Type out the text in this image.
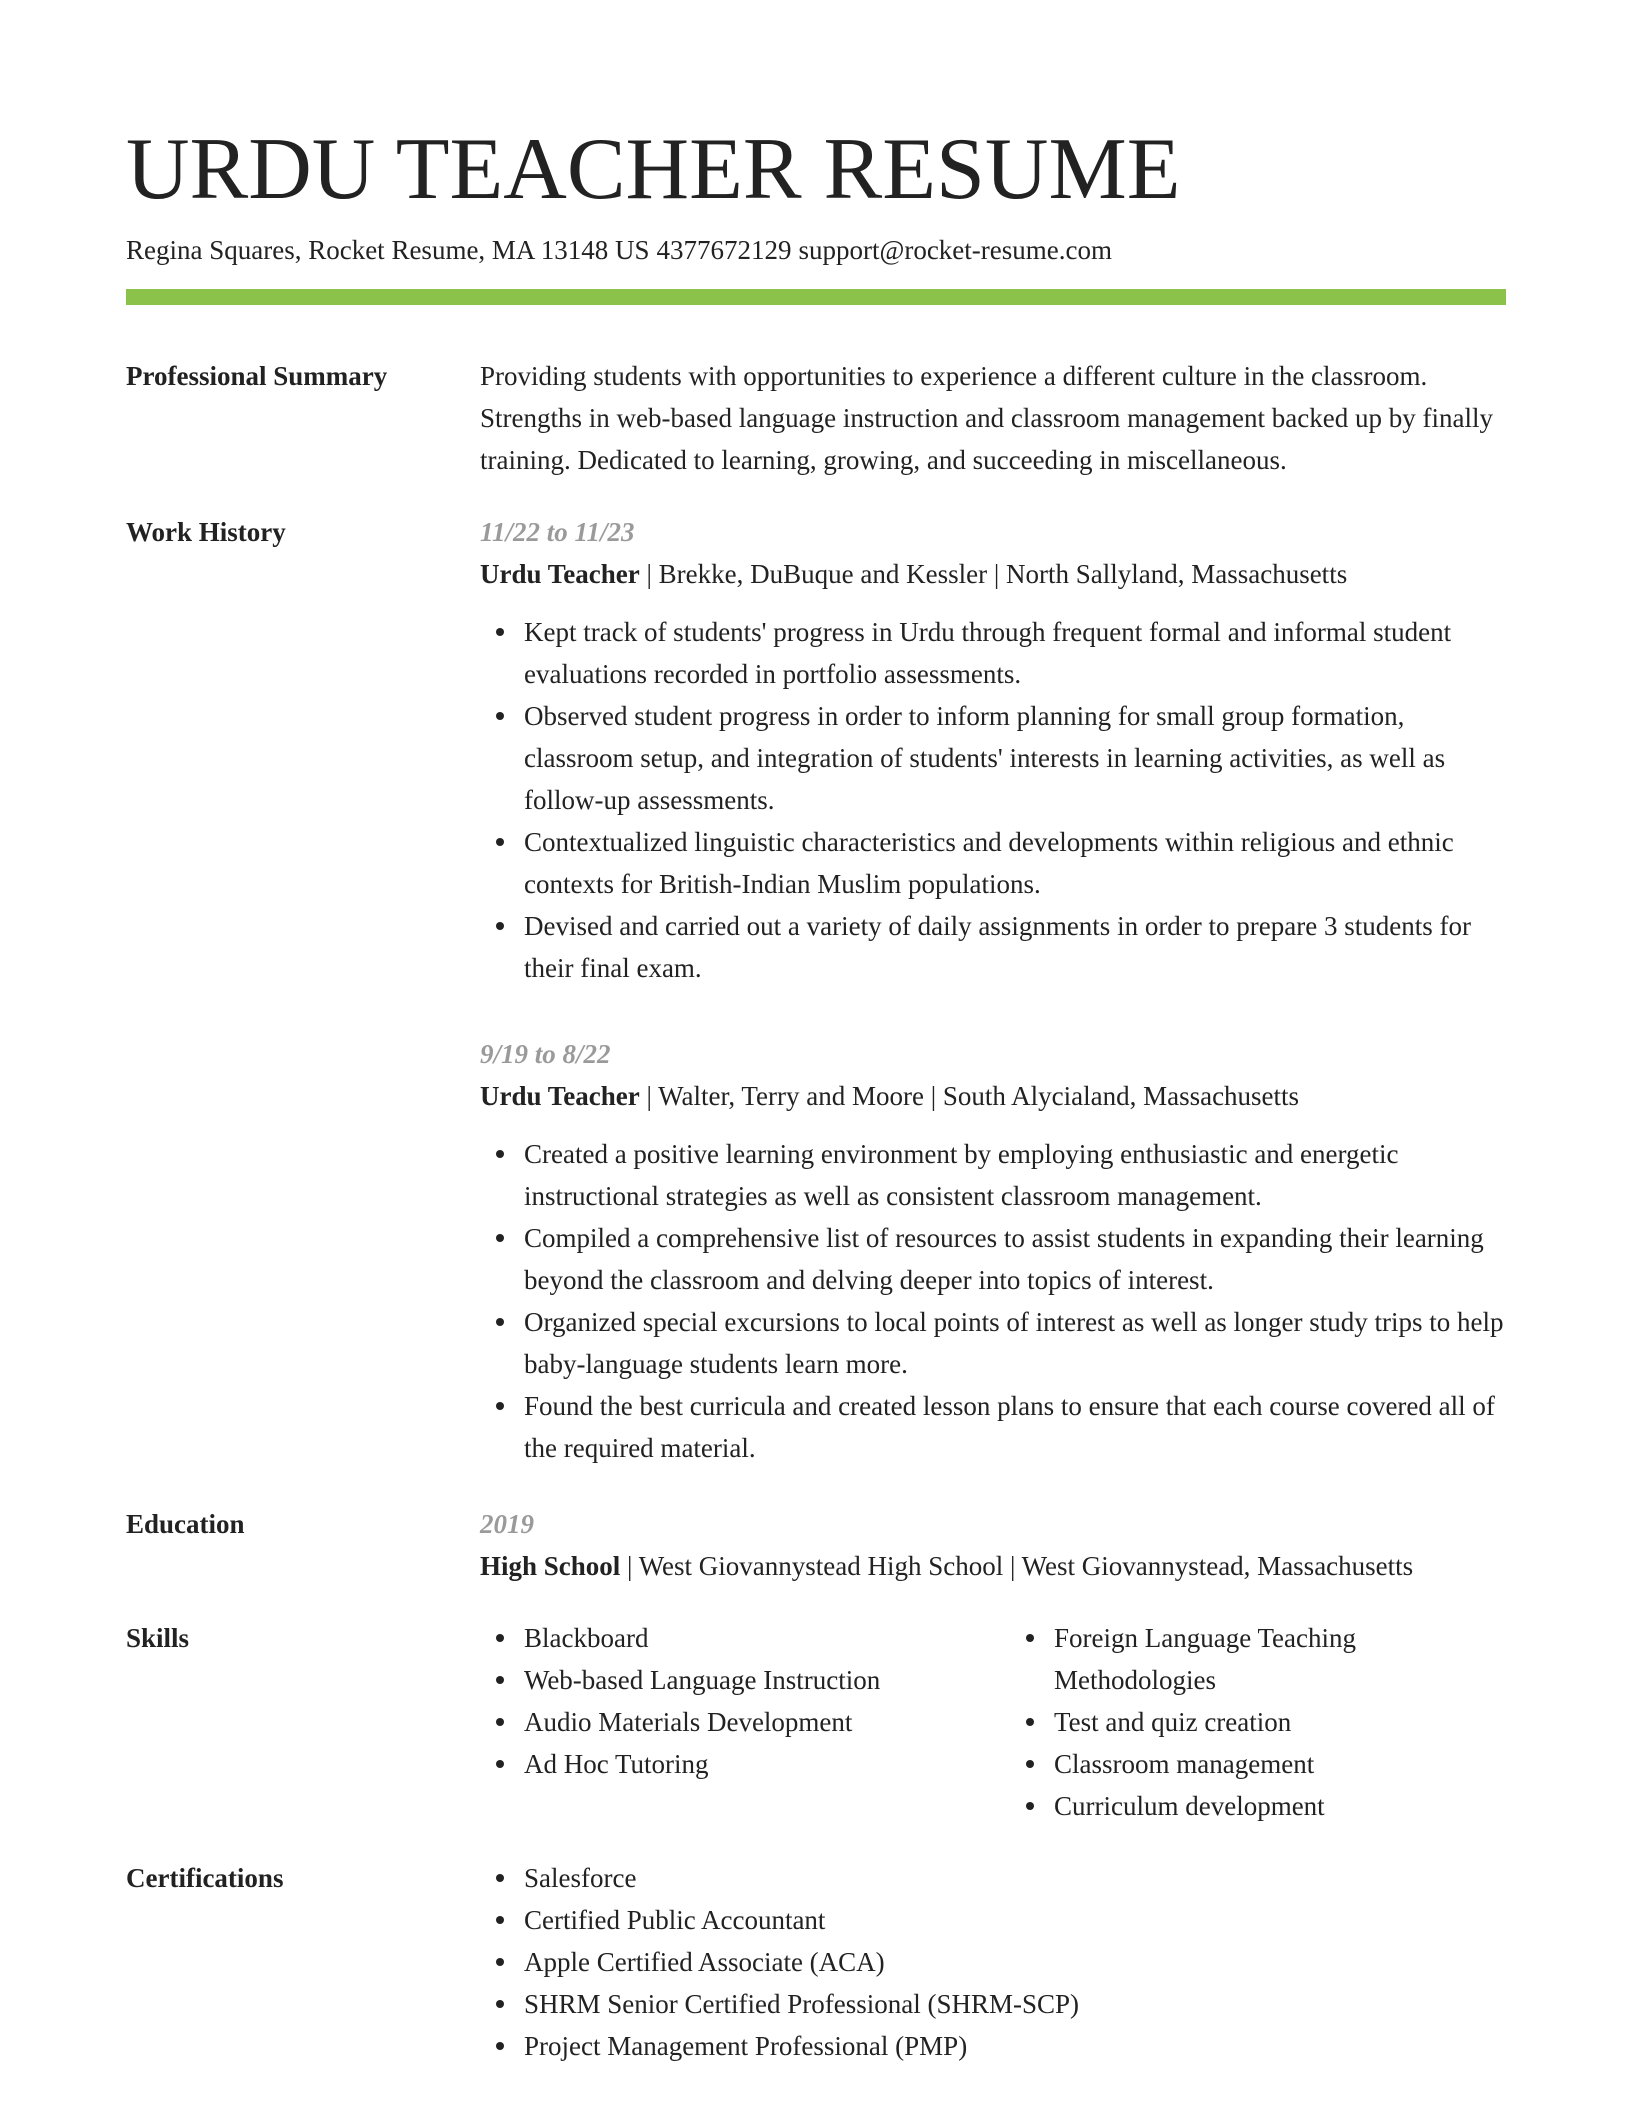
URDU TEACHER RESUME
Regina Squares, Rocket Resume, MA 13148 US 4377672129 support@rocket-resume.com
Professional Summary	Providing students with opportunities to experience a different culture in the classroom. Strengths in web-based language instruction and classroom management backed up by finally training. Dedicated to learning, growing, and succeeding in miscellaneous.
Work History	11/22 to 11/23
Urdu Teacher | Brekke, DuBuque and Kessler | North Sallyland, Massachusetts
Kept track of students' progress in Urdu through frequent formal and informal student evaluations recorded in portfolio assessments.
Observed student progress in order to inform planning for small group formation, classroom setup, and integration of students' interests in learning activities, as well as follow-up assessments.
Contextualized linguistic characteristics and developments within religious and ethnic contexts for British-Indian Muslim populations.
Devised and carried out a variety of daily assignments in order to prepare 3 students for their final exam.
9/19 to 8/22
Urdu Teacher | Walter, Terry and Moore | South Alycialand, Massachusetts
Created a positive learning environment by employing enthusiastic and energetic instructional strategies as well as consistent classroom management.
Compiled a comprehensive list of resources to assist students in expanding their learning beyond the classroom and delving deeper into topics of interest.
Organized special excursions to local points of interest as well as longer study trips to help baby-language students learn more.
Found the best curricula and created lesson plans to ensure that each course covered all of the required material.
Education	2019
High School | West Giovannystead High School | West Giovannystead, Massachusetts
Skills	Blackboard
Web-based Language Instruction
Audio Materials Development
Ad Hoc Tutoring
Foreign Language Teaching Methodologies
Test and quiz creation
Classroom management
Curriculum development
Certifications	Salesforce
Certified Public Accountant
Apple Certified Associate (ACA)
SHRM Senior Certified Professional (SHRM-SCP)
Project Management Professional (PMP)
